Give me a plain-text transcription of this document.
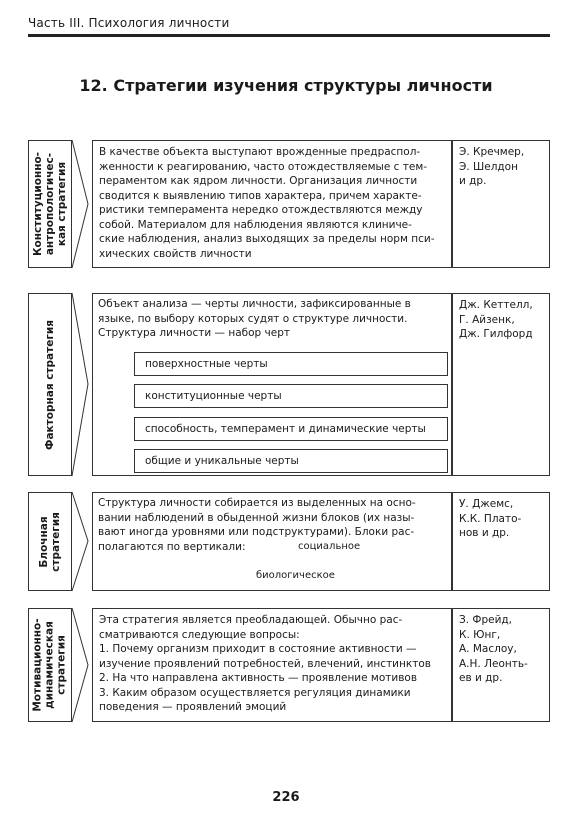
Часть III. Психология личности
12. Стратегии изучения структуры личности
Конституционно-
антропологичес-
кая стратегия
В качестве объекта выступают врожденные предраспол-
женности к реагированию, часто отождествляемые с тем-
пераментом как ядром личности. Организация личности
сводится к выявлению типов характера, причем характе-
ристики темперамента нередко отождествляются между
собой. Материалом для наблюдения являются клиниче-
ские наблюдения, анализ выходящих за пределы норм пси-
хических свойств личности
Э. Кречмер,
Э. Шелдон
и др.
Факторная стратегия
Объект анализа — черты личности, зафиксированные в
языке, по выбору которых судят о структуре личности.
Структура личности — набор черт
поверхностные черты
конституционные черты
способность, темперамент и динамические черты
общие и уникальные черты
Дж. Кеттелл,
Г. Айзенк,
Дж. Гилфорд
Блочная
стратегия
Структура личности собирается из выделенных на осно-
вании наблюдений в обыденной жизни блоков (их назы-
вают иногда уровнями или подструктурами). Блоки рас-
полагаются по вертикали:	социальное
биологическое
У. Джемс,
К.К. Плато-
нов и др.
Мотивационно-
динамическая
стратегия
Эта стратегия является преобладающей. Обычно рас-
сматриваются следующие вопросы:
1. Почему организм приходит в состояние активности —
изучение проявлений потребностей, влечений, инстинктов
2. На что направлена активность — проявление мотивов
3. Каким образом осуществляется регуляция динамики
поведения — проявлений эмоций
З. Фрейд,
К. Юнг,
А. Маслоу,
А.Н. Леонть-
ев и др.
226
